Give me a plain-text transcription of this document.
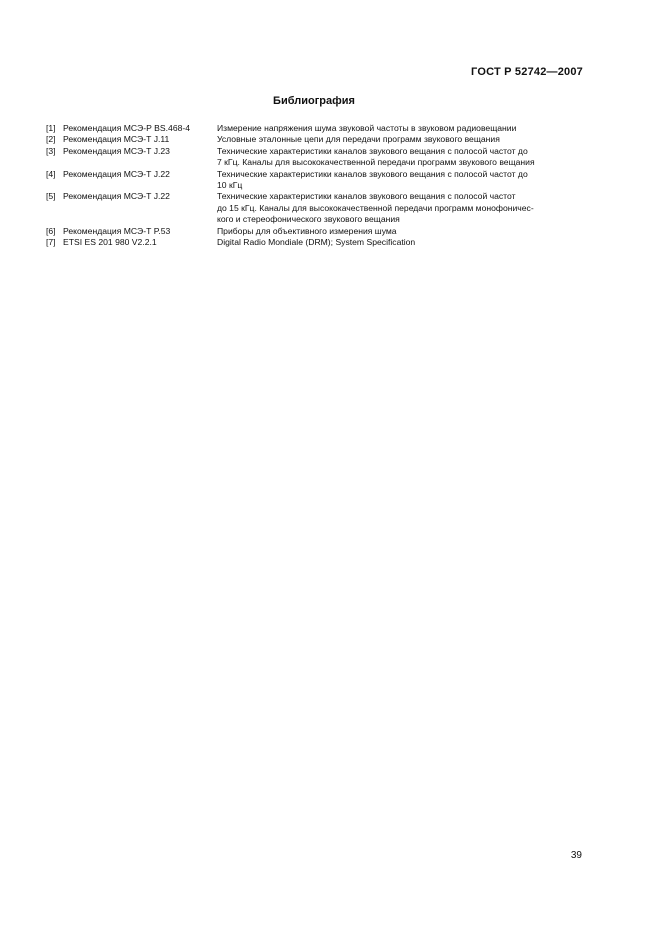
ГОСТ Р 52742—2007
Библиография
[1] Рекомендация МСЭ-Р BS.468-4	Измерение напряжения шума звуковой частоты в звуковом радиовещании
[2] Рекомендация МСЭ-Т J.11	Условные эталонные цепи для передачи программ звукового вещания
[3] Рекомендация МСЭ-Т J.23	Технические характеристики каналов звукового вещания с полосой частот до
7 кГц. Каналы для высококачественной передачи программ звукового вещания
[4] Рекомендация МСЭ-Т J.22	Технические характеристики каналов звукового вещания с полосой частот до
10 кГц
[5] Рекомендация МСЭ-Т J.22	Технические характеристики каналов звукового вещания с полосой частот
до 15 кГц. Каналы для высококачественной передачи программ монофоничес-
кого и стереофонического звукового вещания
[6] Рекомендация МСЭ-Т P.53	Приборы для объективного измерения шума
[7] ETSI ES 201 980 V2.2.1	Digital Radio Mondiale (DRM); System Specification
39
